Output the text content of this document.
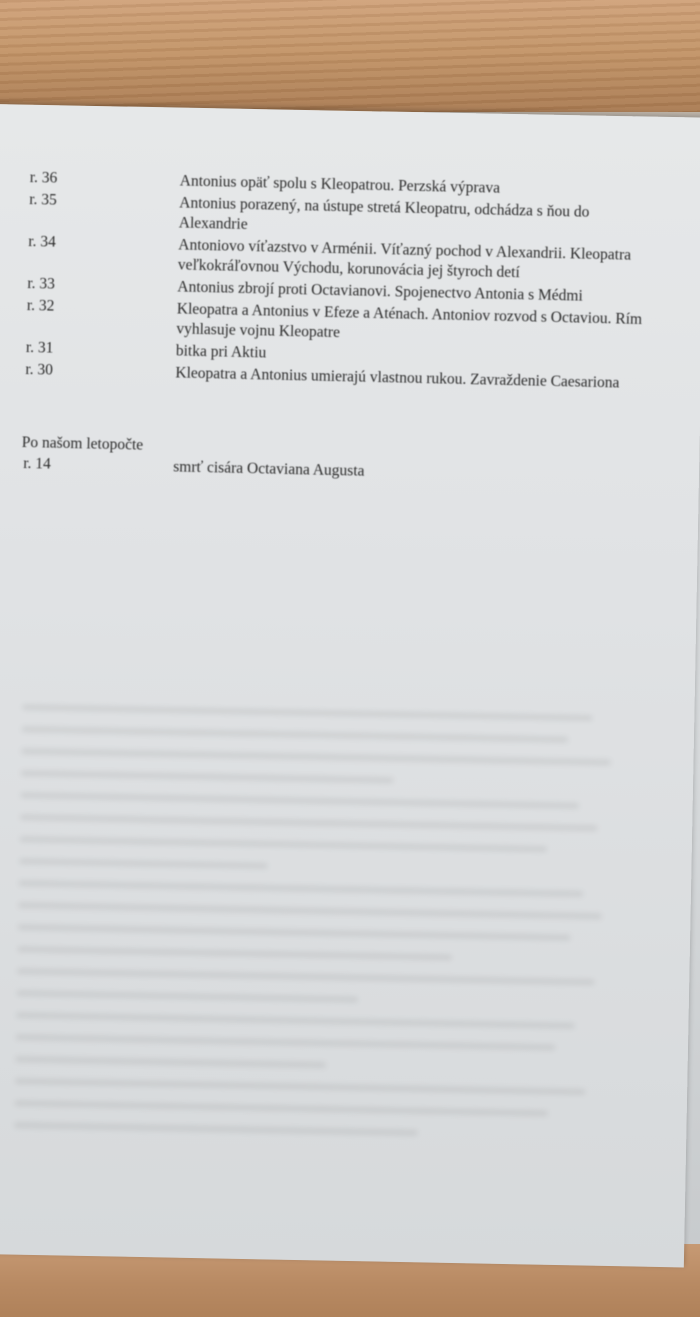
r. 36	Antonius opäť spolu s Kleopatrou. Perzská výprava
r. 35	Antonius porazený, na ústupe stretá Kleopatru, odchádza s ňou do Alexandrie
r. 34	Antoniovo víťazstvo v Arménii. Víťazný pochod v Alexandrii. Kleopatra veľkokráľovnou Východu, korunovácia jej štyroch detí
r. 33	Antonius zbrojí proti Octavianovi. Spojenectvo Antonia s Médmi
r. 32	Kleopatra a Antonius v Efeze a Aténach. Antoniov rozvod s Octaviou. Rím vyhlasuje vojnu Kleopatre
r. 31	bitka pri Aktiu
r. 30	Kleopatra a Antonius umierajú vlastnou rukou. Zavraždenie Caesariona
Po našom letopočte
r. 14	smrť cisára Octaviana Augusta
